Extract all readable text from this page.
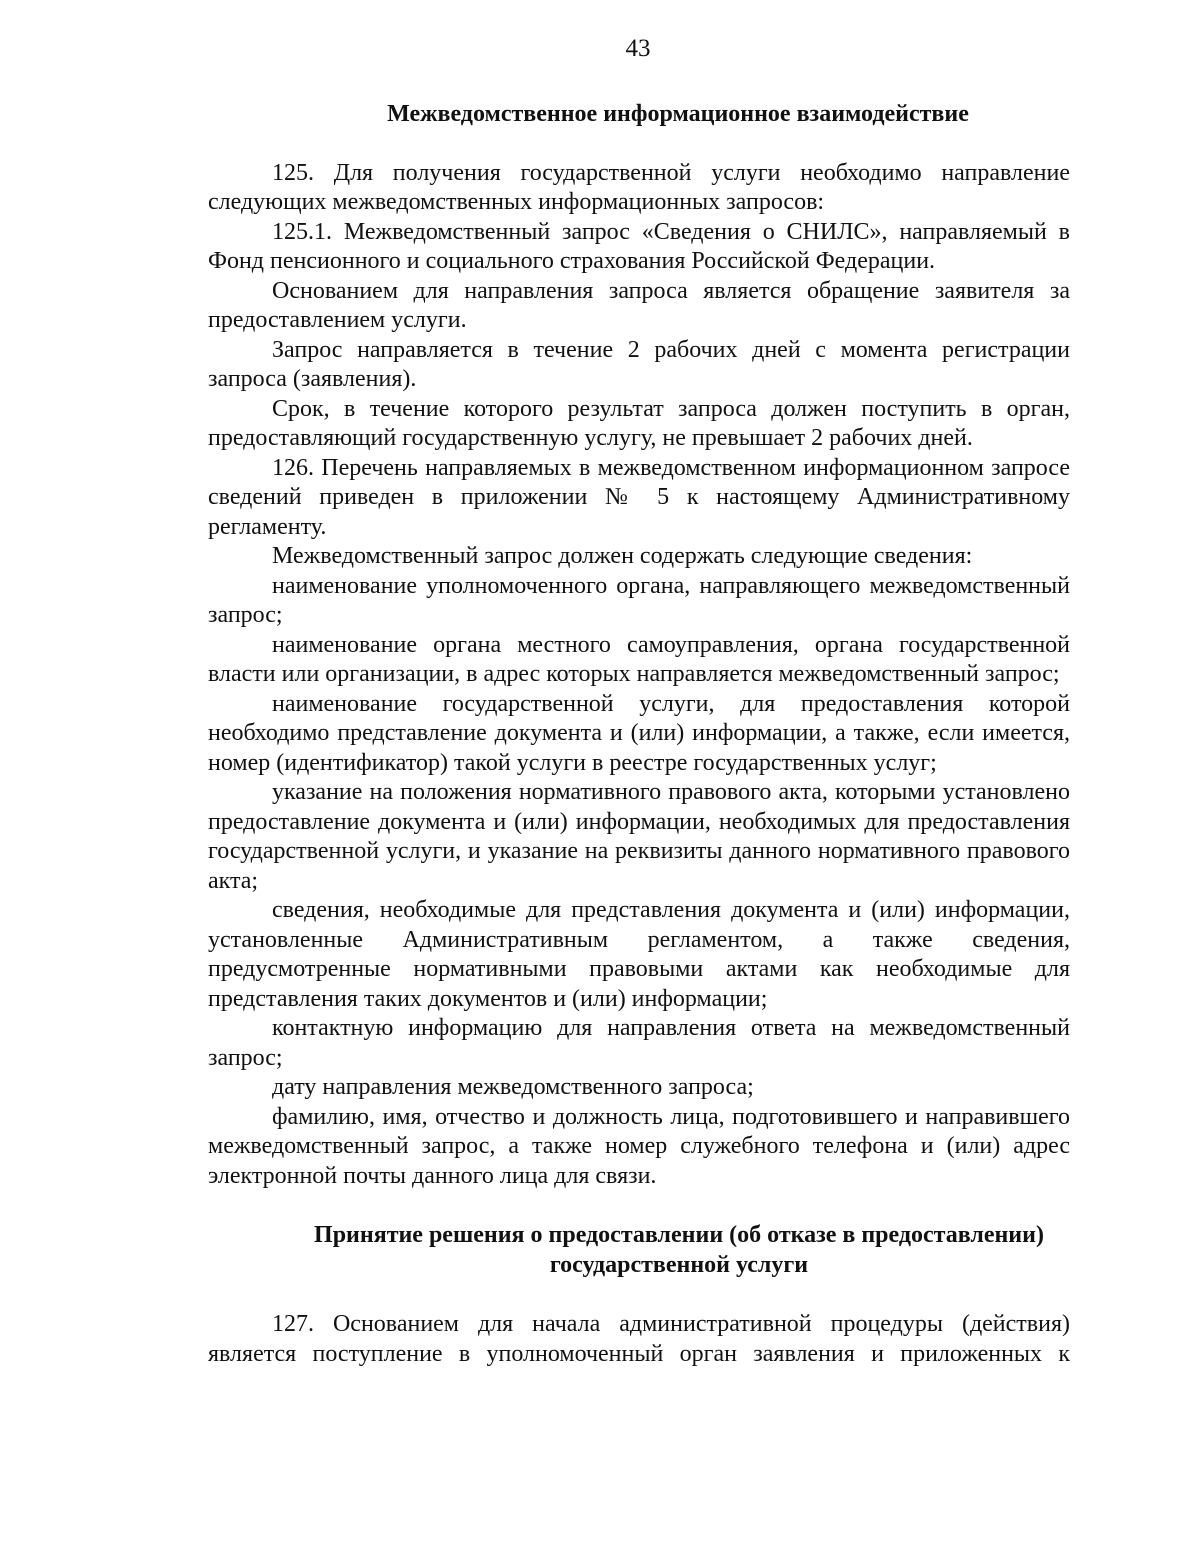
43
Межведомственное информационное взаимодействие

125. Для получения государственной услуги необходимо направление следующих межведомственных информационных запросов:

125.1. Межведомственный запрос «Сведения о СНИЛС», направляемый в Фонд пенсионного и социального страхования Российской Федерации.

Основанием для направления запроса является обращение заявителя за предоставлением услуги.

Запрос направляется в течение 2 рабочих дней с момента регистрации запроса (заявления).

Срок, в течение которого результат запроса должен поступить в орган, предоставляющий государственную услугу, не превышает 2 рабочих дней.

126. Перечень направляемых в межведомственном информационном запросе сведений приведен в приложении № 5 к настоящему Административному регламенту.

Межведомственный запрос должен содержать следующие сведения:

наименование уполномоченного органа, направляющего межведомственный запрос;

наименование органа местного самоуправления, органа государственной власти или организации, в адрес которых направляется межведомственный запрос;

наименование государственной услуги, для предоставления которой необходимо представление документа и (или) информации, а также, если имеется, номер (идентификатор) такой услуги в реестре государственных услуг;

указание на положения нормативного правового акта, которыми установлено предоставление документа и (или) информации, необходимых для предоставления государственной услуги, и указание на реквизиты данного нормативного правового акта;

сведения, необходимые для представления документа и (или) информации, установленные Административным регламентом, а также сведения, предусмотренные нормативными правовыми актами как необходимые для представления таких документов и (или) информации;

контактную информацию для направления ответа на межведомственный запрос;

дату направления межведомственного запроса;

фамилию, имя, отчество и должность лица, подготовившего и направившего межведомственный запрос, а также номер служебного телефона и (или) адрес электронной почты данного лица для связи.

Принятие решения о предоставлении (об отказе в предоставлении)
государственной услуги

127. Основанием для начала административной процедуры (действия) является поступление в уполномоченный орган заявления и приложенных к
